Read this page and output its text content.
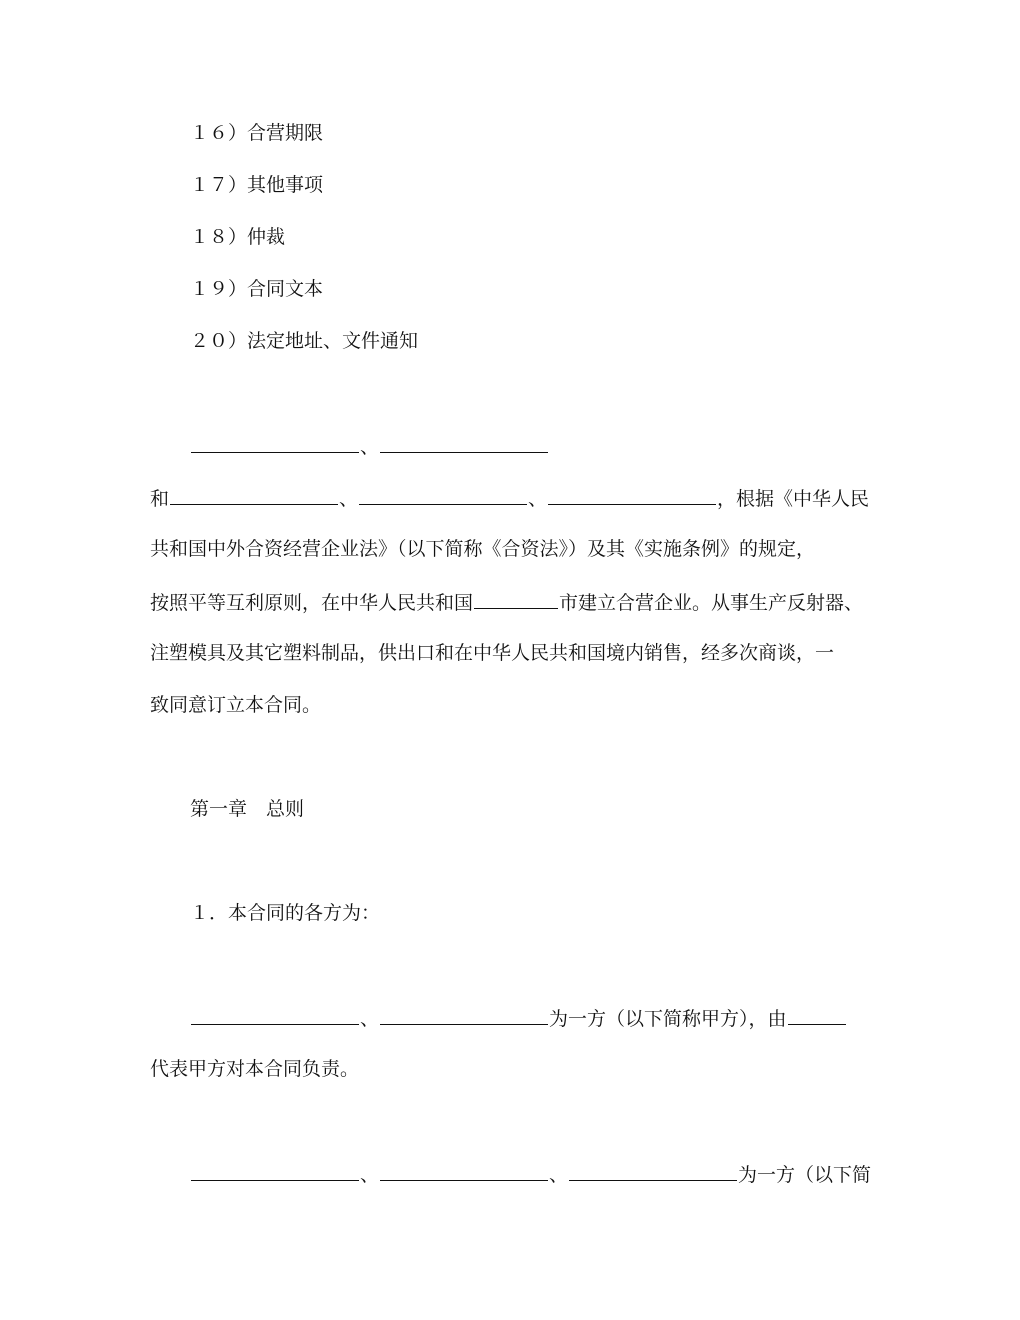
１６）合营期限
１７）其他事项
１８）仲裁
１９）合同文本
２０）法定地址、文件通知
、
和	、	、	，根据《中华人民
共和国中外合资经营企业法》（以下简称《合资法》）及其《实施条例》的规定，
按照平等互利原则，在中华人民共和国	市建立合营企业。从事生产反射器、
注塑模具及其它塑料制品，供出口和在中华人民共和国境内销售，经多次商谈，一
致同意订立本合同。
第一章　总则
１．本合同的各方为：
、	为一方（以下简称甲方），由
代表甲方对本合同负责。
、	、	为一方（以下简
